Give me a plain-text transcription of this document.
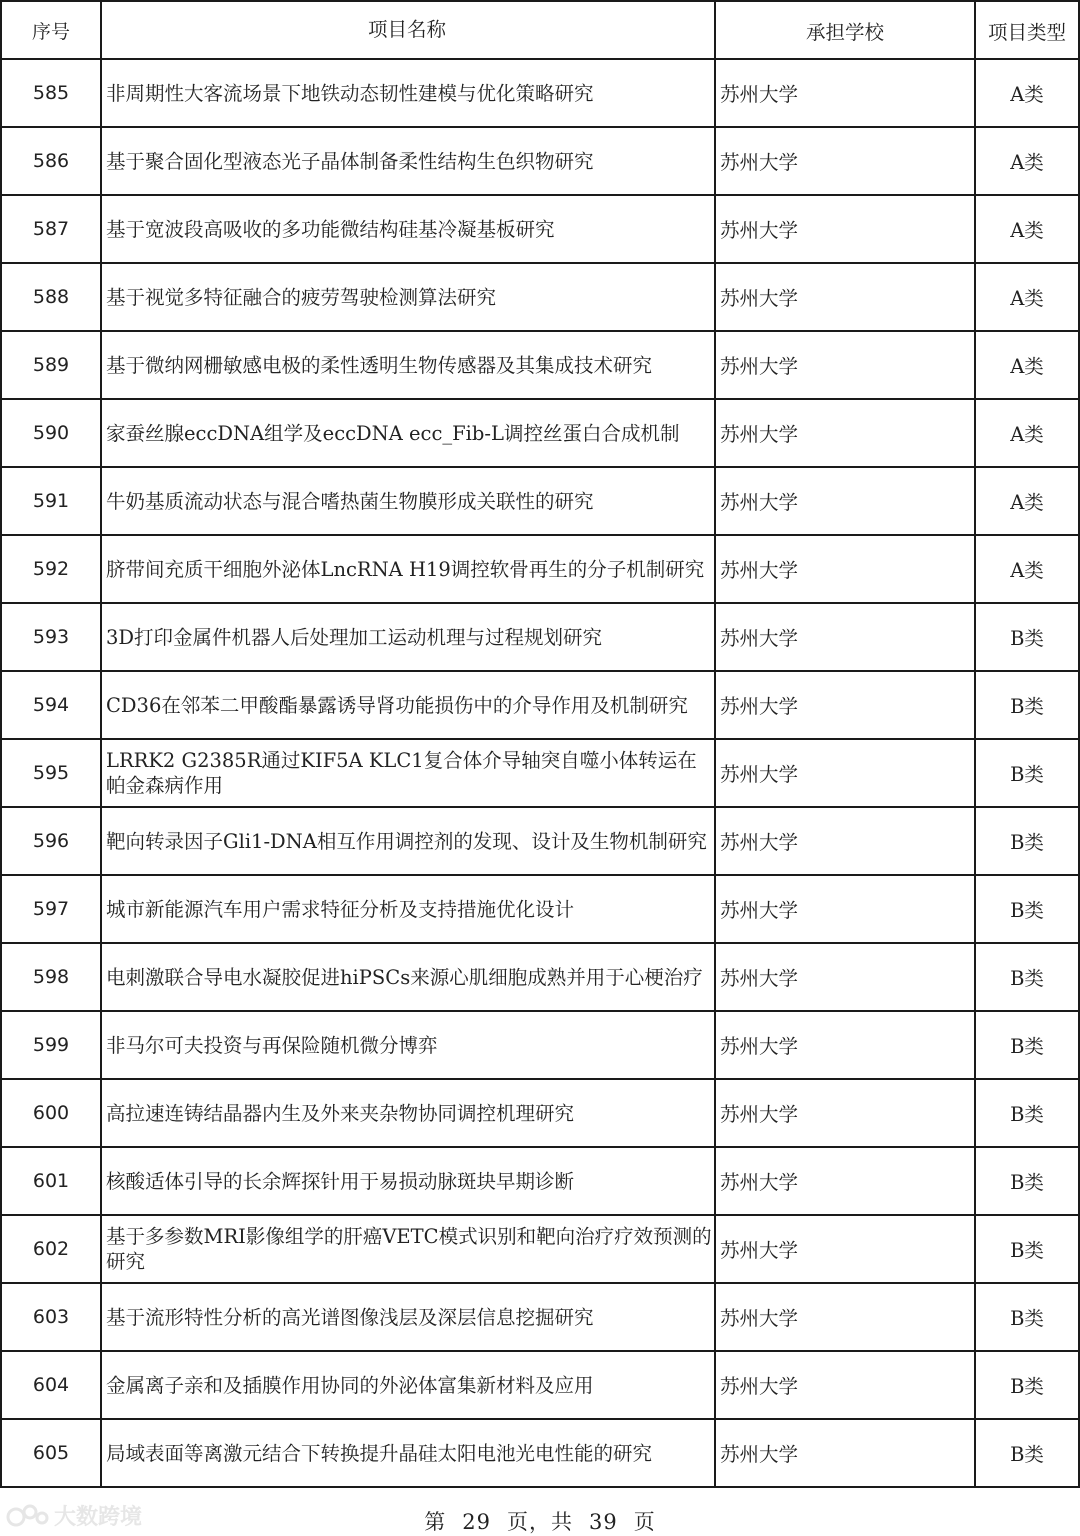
序号	项目名称	承担学校	项目类型
585	非周期性大客流场景下地铁动态韧性建模与优化策略研究	苏州大学	A类
586	基于聚合固化型液态光子晶体制备柔性结构生色织物研究	苏州大学	A类
587	基于宽波段高吸收的多功能微结构硅基冷凝基板研究	苏州大学	A类
588	基于视觉多特征融合的疲劳驾驶检测算法研究	苏州大学	A类
589	基于微纳网栅敏感电极的柔性透明生物传感器及其集成技术研究	苏州大学	A类
590	家蚕丝腺eccDNA组学及eccDNA ecc_Fib-L调控丝蛋白合成机制	苏州大学	A类
591	牛奶基质流动状态与混合嗜热菌生物膜形成关联性的研究	苏州大学	A类
592	脐带间充质干细胞外泌体LncRNA H19调控软骨再生的分子机制研究	苏州大学	A类
593	3D打印金属件机器人后处理加工运动机理与过程规划研究	苏州大学	B类
594	CD36在邻苯二甲酸酯暴露诱导肾功能损伤中的介导作用及机制研究	苏州大学	B类
595	LRRK2 G2385R通过KIF5A KLC1复合体介导轴突自噬小体转运在帕金森病作用	苏州大学	B类
596	靶向转录因子Gli1-DNA相互作用调控剂的发现、设计及生物机制研究	苏州大学	B类
597	城市新能源汽车用户需求特征分析及支持措施优化设计	苏州大学	B类
598	电刺激联合导电水凝胶促进hiPSCs来源心肌细胞成熟并用于心梗治疗	苏州大学	B类
599	非马尔可夫投资与再保险随机微分博弈	苏州大学	B类
600	高拉速连铸结晶器内生及外来夹杂物协同调控机理研究	苏州大学	B类
601	核酸适体引导的长余辉探针用于易损动脉斑块早期诊断	苏州大学	B类
602	基于多参数MRI影像组学的肝癌VETC模式识别和靶向治疗疗效预测的研究	苏州大学	B类
603	基于流形特性分析的高光谱图像浅层及深层信息挖掘研究	苏州大学	B类
604	金属离子亲和及插膜作用协同的外泌体富集新材料及应用	苏州大学	B类
605	局域表面等离激元结合下转换提升晶硅太阳电池光电性能的研究	苏州大学	B类
第 29 页，共 39 页
大数跨境
